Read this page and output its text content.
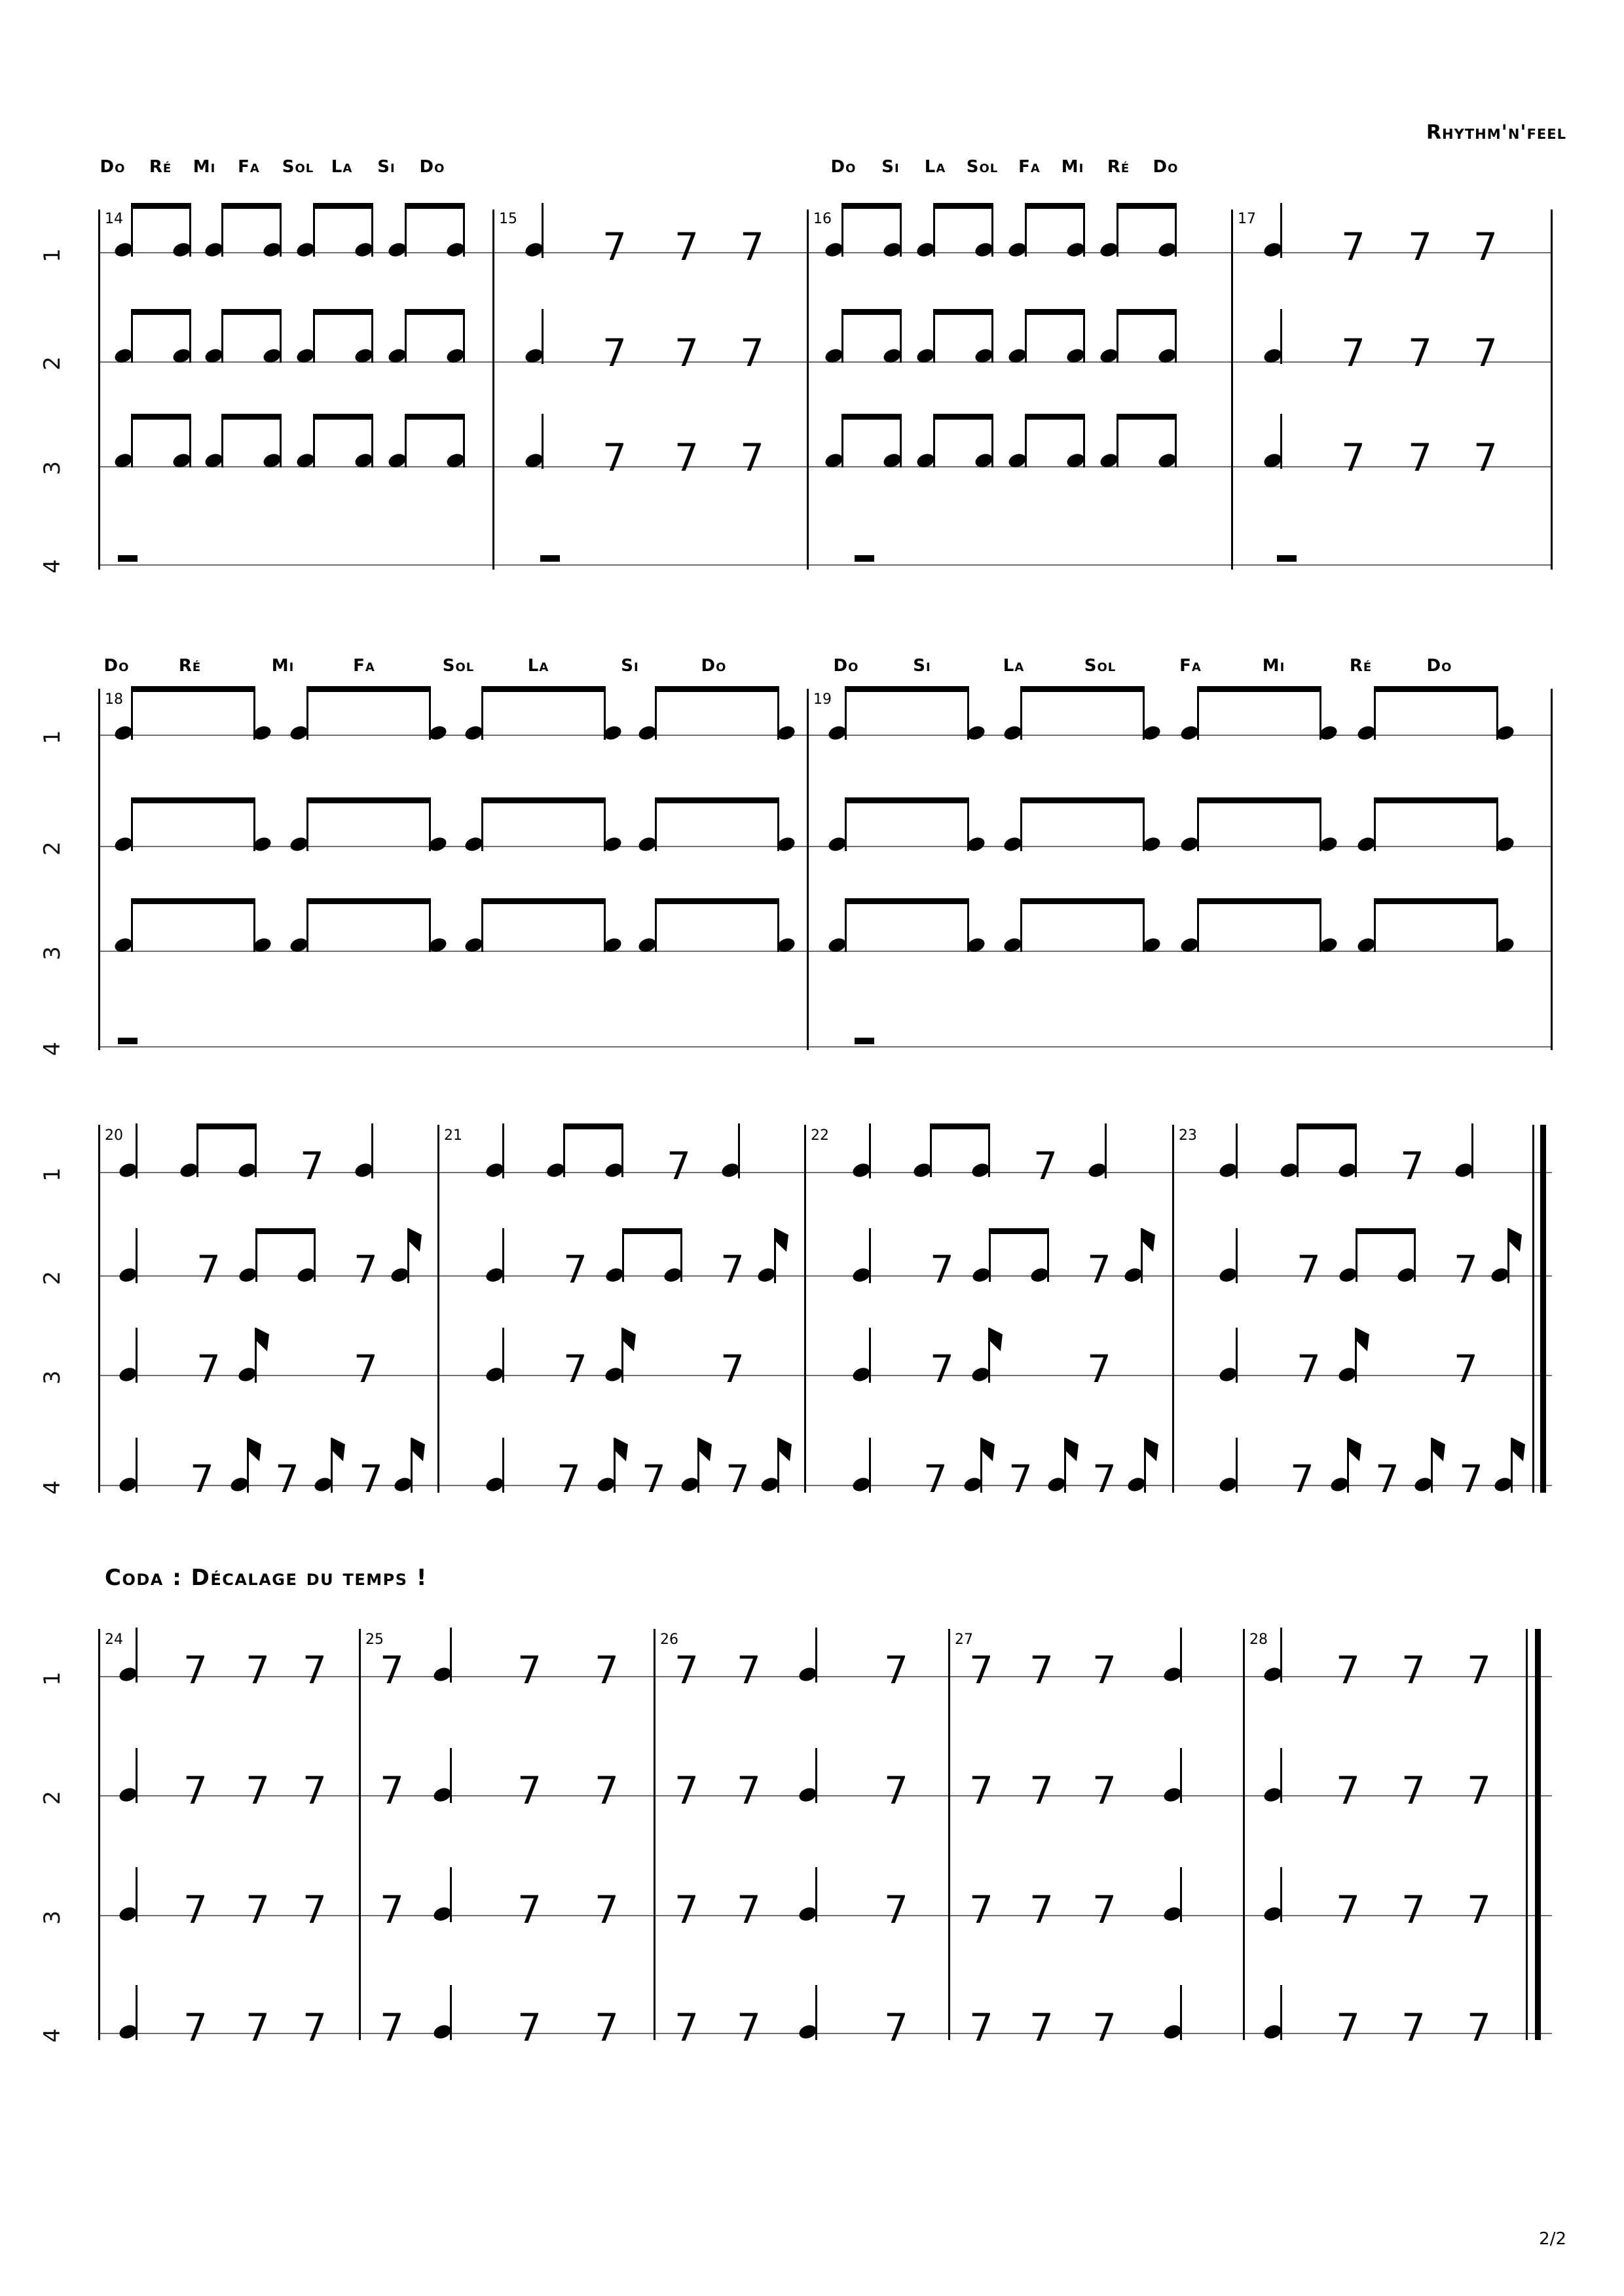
Rhythm'n'feel
2/2
Coda : Décalage du temps !
Do Ré Mi Fa Sol La Si Do	Do Si La Sol Fa Mi Ré Do
1
2
3
4
14	15	16	17
7 7 7
7 7 7
7 7 7
7 7 7
7 7 7
7 7 7
Do	Ré	Mi	Fa	Sol	La	Si	Do	Do	Si	La	Sol	Fa	Mi	Ré	Do
1
2
3
4
18	19
1
2
3
4
20	21	22	23
7
7	7
7	7
7 7 7
7
7	7
7	7
7 7 7
7
7	7
7	7
7 7 7
7
7	7
7	7
7 7 7
1
2
3
4
24	25	26	27	28
7 7 7
7 7 7
7 7 7
7 7 7
7	7 7
7	7 7
7	7 7
7	7 7
7 7	7
7 7	7
7 7	7
7 7	7
7 7 7
7 7 7
7 7 7
7 7 7
7 7 7
7 7 7
7 7 7
7 7 7
